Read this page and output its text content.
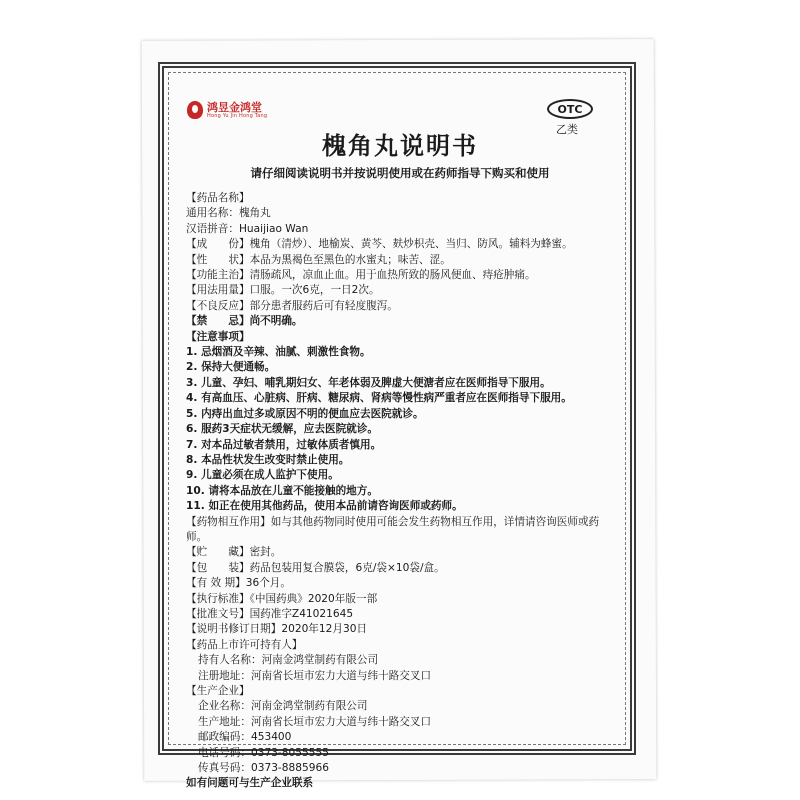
鸿昱金鸿堂
Hong Yu Jin Hong Tang	OTC
乙类
槐角丸说明书
请仔细阅读说明书并按说明使用或在药师指导下购买和使用
【药品名称】
通用名称：槐角丸
汉语拼音：Huaijiao Wan
【成　　份】槐角（清炒）、地榆炭、黄芩、麸炒枳壳、当归、防风。辅料为蜂蜜。
【性　　状】本品为黑褐色至黑色的水蜜丸；味苦、涩。
【功能主治】清肠疏风，凉血止血。用于血热所致的肠风便血、痔疮肿痛。
【用法用量】口服。一次6克，一日2次。
【不良反应】部分患者服药后可有轻度腹泻。
【禁　　忌】尚不明确。
【注意事项】
1. 忌烟酒及辛辣、油腻、刺激性食物。
2. 保持大便通畅。
3. 儿童、孕妇、哺乳期妇女、年老体弱及脾虚大便溏者应在医师指导下服用。
4. 有高血压、心脏病、肝病、糖尿病、肾病等慢性病严重者应在医师指导下服用。
5. 内痔出血过多或原因不明的便血应去医院就诊。
6. 服药3天症状无缓解，应去医院就诊。
7. 对本品过敏者禁用，过敏体质者慎用。
8. 本品性状发生改变时禁止使用。
9. 儿童必须在成人监护下使用。
10. 请将本品放在儿童不能接触的地方。
11. 如正在使用其他药品，使用本品前请咨询医师或药师。
【药物相互作用】如与其他药物同时使用可能会发生药物相互作用，详情请咨询医师或药师。
【贮　　藏】密封。
【包　　装】药品包装用复合膜袋，6克/袋×10袋/盒。
【有 效 期】36个月。
【执行标准】《中国药典》2020年版一部
【批准文号】国药准字Z41021645
【说明书修订日期】2020年12月30日
【药品上市许可持有人】
持有人名称：河南金鸿堂制药有限公司
注册地址：河南省长垣市宏力大道与纬十路交叉口
【生产企业】
企业名称：河南金鸿堂制药有限公司
生产地址：河南省长垣市宏力大道与纬十路交叉口
邮政编码：453400
电话号码：0373-8055555
传真号码：0373-8885966
如有问题可与生产企业联系
